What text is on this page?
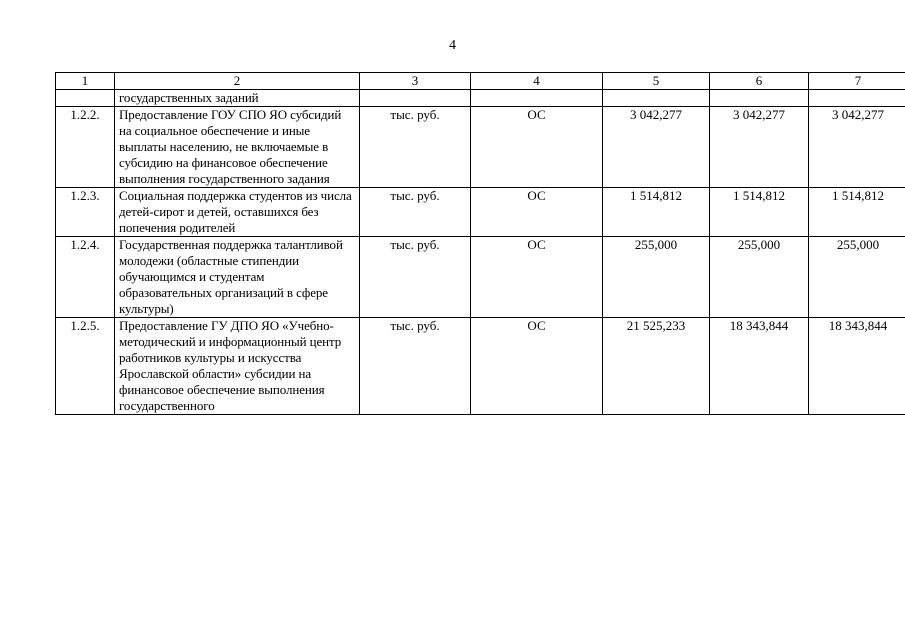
4
1	2	3	4	5	6	7
	государственных заданий					
1.2.2.	Предоставление ГОУ СПО ЯО субсидий на социальное обеспечение и иные выплаты населению, не включаемые в субсидию на финансовое обеспечение выполнения государственного задания	тыс. руб.	ОС	3 042,277	3 042,277	3 042,277
1.2.3.	Социальная поддержка студентов из числа детей-сирот и детей, оставшихся без попечения родителей	тыс. руб.	ОС	1 514,812	1 514,812	1 514,812
1.2.4.	Государственная поддержка талантливой молодежи (областные стипендии обучающимся и студентам образовательных организаций в сфере культуры)	тыс. руб.	ОС	255,000	255,000	255,000
1.2.5.	Предоставление ГУ ДПО ЯО «Учебно-методический и информационный центр работников культуры и искусства Ярославской области» субсидии на финансовое обеспечение выполнения государственного	тыс. руб.	ОС	21 525,233	18 343,844	18 343,844
